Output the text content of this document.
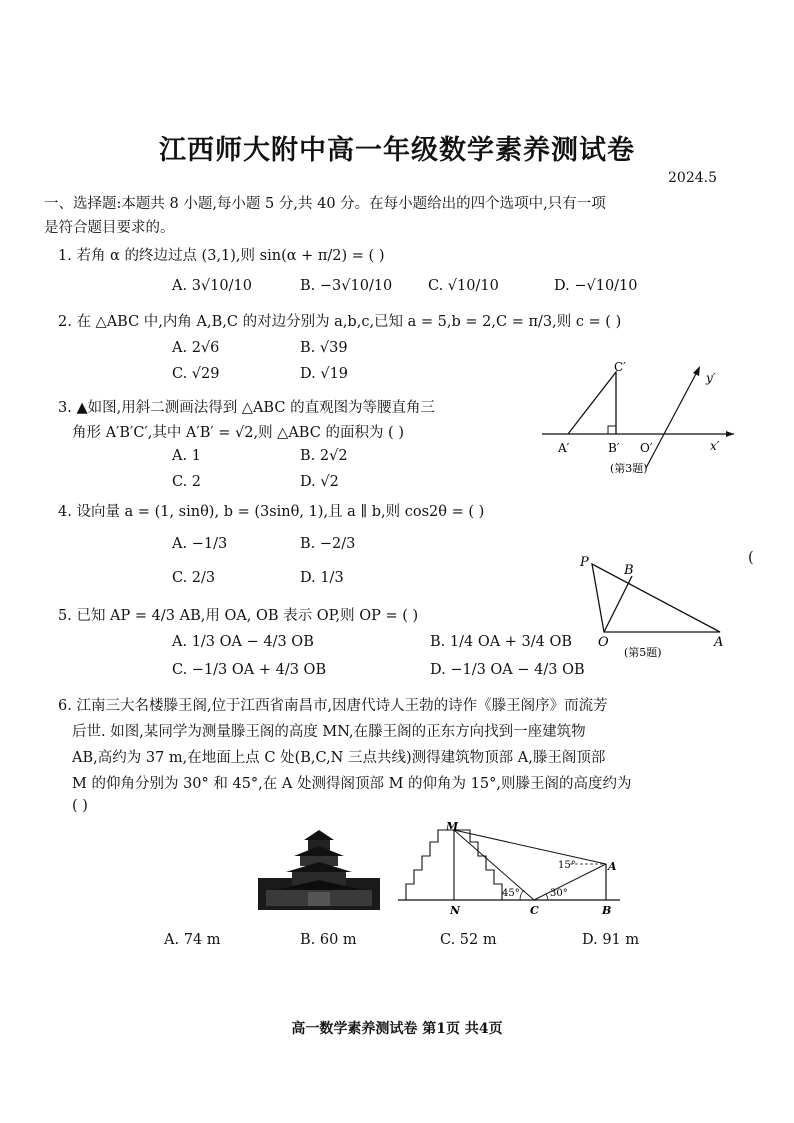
江西师大附中高一年级数学素养测试卷
2024.5
一、选择题:本题共 8 小题,每小题 5 分,共 40 分。在每小题给出的四个选项中,只有一项
是符合题目要求的。
1. 若角 α 的终边过点 (3,1),则 sin(α + π/2) = ( )
A. 3√10/10	B. −3√10/10 C. √10/10	D. −√10/10
2. 在 △ABC 中,内角 A,B,C 的对边分别为 a,b,c,已知 a = 5,b = 2,C = π/3,则 c = ( )
A. 2√6	B. √39
C. √29	D. √19
3. ▲如图,用斜二测画法得到 △ABC 的直观图为等腰直角三
角形 A′B′C′,其中 A′B′ = √2,则 △ABC 的面积为 ( )
A. 1	B. 2√2
C. 2	D. √2
C′
y′
A′	B′ O′	x′
(第3题)
4. 设向量 a = (1, sinθ), b = (3sinθ, 1),且 a ∥ b,则 cos2θ = ( )
A. −1/3	B. −2/3
C. 2/3	D. 1/3
(
P
B
O	A
(第5题)
5. 已知 AP = 4/3 AB,用 OA, OB 表示 OP,则 OP = ( )
A. 1/3 OA − 4/3 OB	B. 1/4 OA + 3/4 OB
C. −1/3 OA + 4/3 OB	D. −1/3 OA − 4/3 OB
6. 江南三大名楼滕王阁,位于江西省南昌市,因唐代诗人王勃的诗作《滕王阁序》而流芳
后世. 如图,某同学为测量滕王阁的高度 MN,在滕王阁的正东方向找到一座建筑物
AB,高约为 37 m,在地面上点 C 处(B,C,N 三点共线)测得建筑物顶部 A,滕王阁顶部
M 的仰角分别为 30° 和 45°,在 A 处测得阁顶部 M 的仰角为 15°,则滕王阁的高度约为
( )
M
15°	A
45°	30°
N	C	B
A. 74 m	B. 60 m	C. 52 m	D. 91 m
高一数学素养测试卷 第1页 共4页
